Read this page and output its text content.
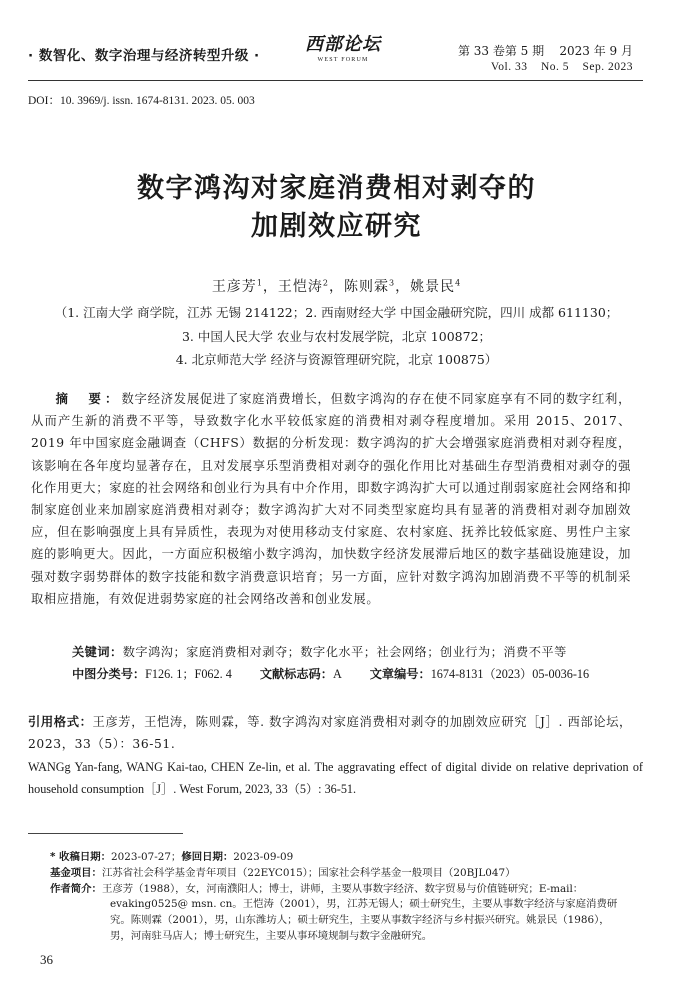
· 数智化、数字治理与经济转型升级 ·
西部论坛
WEST FORUM
第 33 卷第 5 期    2023 年 9 月
Vol. 33    No. 5    Sep. 2023
DOI：10. 3969/j. issn. 1674-8131. 2023. 05. 003
数字鸿沟对家庭消费相对剥夺的
加剧效应研究
王彦芳$^1$，王恺涛$^2$，陈则霖$^3$，姚景民$^4$
（1. 江南大学 商学院，江苏 无锡 214122；2. 西南财经大学 中国金融研究院，四川 成都 611130；
3. 中国人民大学 农业与农村发展学院，北京 100872；
4. 北京师范大学 经济与资源管理研究院，北京 100875）
摘　要：数字经济发展促进了家庭消费增长，但数字鸿沟的存在使不同家庭享有不同的数字红利，从而产生新的消费不平等，导致数字化水平较低家庭的消费相对剥夺程度增加。采用 2015、2017、2019 年中国家庭金融调查（CHFS）数据的分析发现：数字鸿沟的扩大会增强家庭消费相对剥夺程度，该影响在各年度均显著存在，且对发展享乐型消费相对剥夺的强化作用比对基础生存型消费相对剥夺的强化作用更大；家庭的社会网络和创业行为具有中介作用，即数字鸿沟扩大可以通过削弱家庭社会网络和抑制家庭创业来加剧家庭消费相对剥夺；数字鸿沟扩大对不同类型家庭均具有显著的消费相对剥夺加剧效应，但在影响强度上具有异质性，表现为对使用移动支付家庭、农村家庭、抚养比较低家庭、男性户主家庭的影响更大。因此，一方面应积极缩小数字鸿沟，加快数字经济发展滞后地区的数字基础设施建设，加强对数字弱势群体的数字技能和数字消费意识培育；另一方面，应针对数字鸿沟加剧消费不平等的机制采取相应措施，有效促进弱势家庭的社会网络改善和创业发展。
关键词：数字鸿沟；家庭消费相对剥夺；数字化水平；社会网络；创业行为；消费不平等
中图分类号：F126. 1；F062. 4 文献标志码：A 文章编号：1674-8131（2023）05-0036-16
引用格式：王彦芳，王恺涛，陈则霖，等. 数字鸿沟对家庭消费相对剥夺的加剧效应研究［J］. 西部论坛，2023，33（5）：36-51.
WANGg Yan-fang, WANG Kai-tao, CHEN Ze-lin, et al. The aggravating effect of digital divide on relative deprivation of household consumption［J］. West Forum, 2023, 33（5）: 36-51.
* 收稿日期： 2023-07-27； 修回日期： 2023-09-09
基金项目： 江苏省社会科学基金青年项目（22EYC015）；国家社会科学基金一般项目（20BJL047）
作者简介： 王彦芳（1988），女，河南濮阳人；博士，讲师，主要从事数字经济、数字贸易与价值链研究；E-mail：
evaking0525@ msn. cn。王恺涛（2001），男，江苏无锡人；硕士研究生，主要从事数字经济与家庭消费研
究。陈则霖（2001），男，山东潍坊人；硕士研究生，主要从事数字经济与乡村振兴研究。姚景民（1986），
男，河南驻马店人；博士研究生，主要从事环境规制与数字金融研究。
36
